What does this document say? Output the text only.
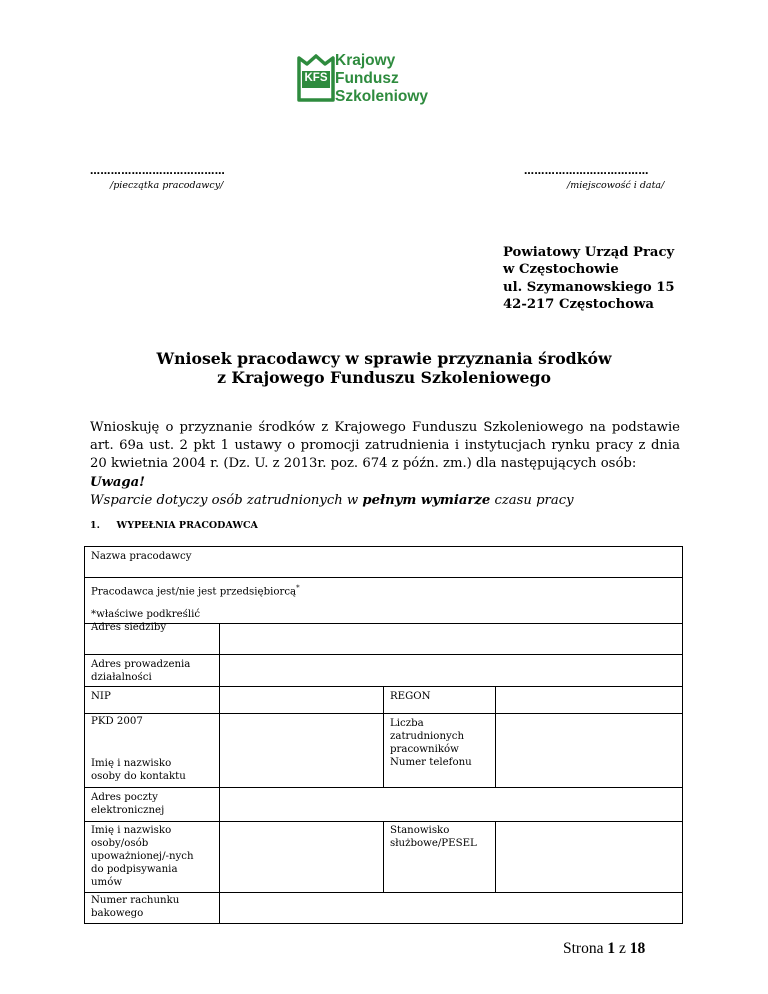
KFS
Krajowy
Fundusz
Szkoleniowy
…………………………………
/pieczątka pracodawcy/
………………………………
/miejscowość i data/
Powiatowy Urząd Pracy
w Częstochowie
ul. Szymanowskiego 15
42-217 Częstochowa
Wniosek pracodawcy w sprawie przyznania środków
z Krajowego Funduszu Szkoleniowego
Wnioskuję o przyznanie środków z Krajowego Funduszu Szkoleniowego na podstawie
art. 69a ust. 2 pkt 1 ustawy o promocji zatrudnienia i instytucjach rynku pracy z dnia
20 kwietnia 2004 r. (Dz. U. z 2013r. poz. 674 z późn. zm.) dla następujących osób:
Uwaga!
Wsparcie dotyczy osób zatrudnionych w pełnym wymiarze czasu pracy
1. WYPEŁNIA PRACODAWCA
Nazwa pracodawcy
Pracodawca jest/nie jest przedsiębiorcą*
*właściwe podkreślić
Adres siedziby
Adres prowadzenia
działalności
NIP	REGON
PKD 2007	Liczba
zatrudnionych
pracowników
Numer telefonu
Imię i nazwisko
osoby do kontaktu
Adres poczty
elektronicznej
Imię i nazwisko
osoby/osób
upoważnionej/-nych
do podpisywania
umów
Stanowisko
służbowe/PESEL
Numer rachunku
bakowego
Strona 1 z 18
